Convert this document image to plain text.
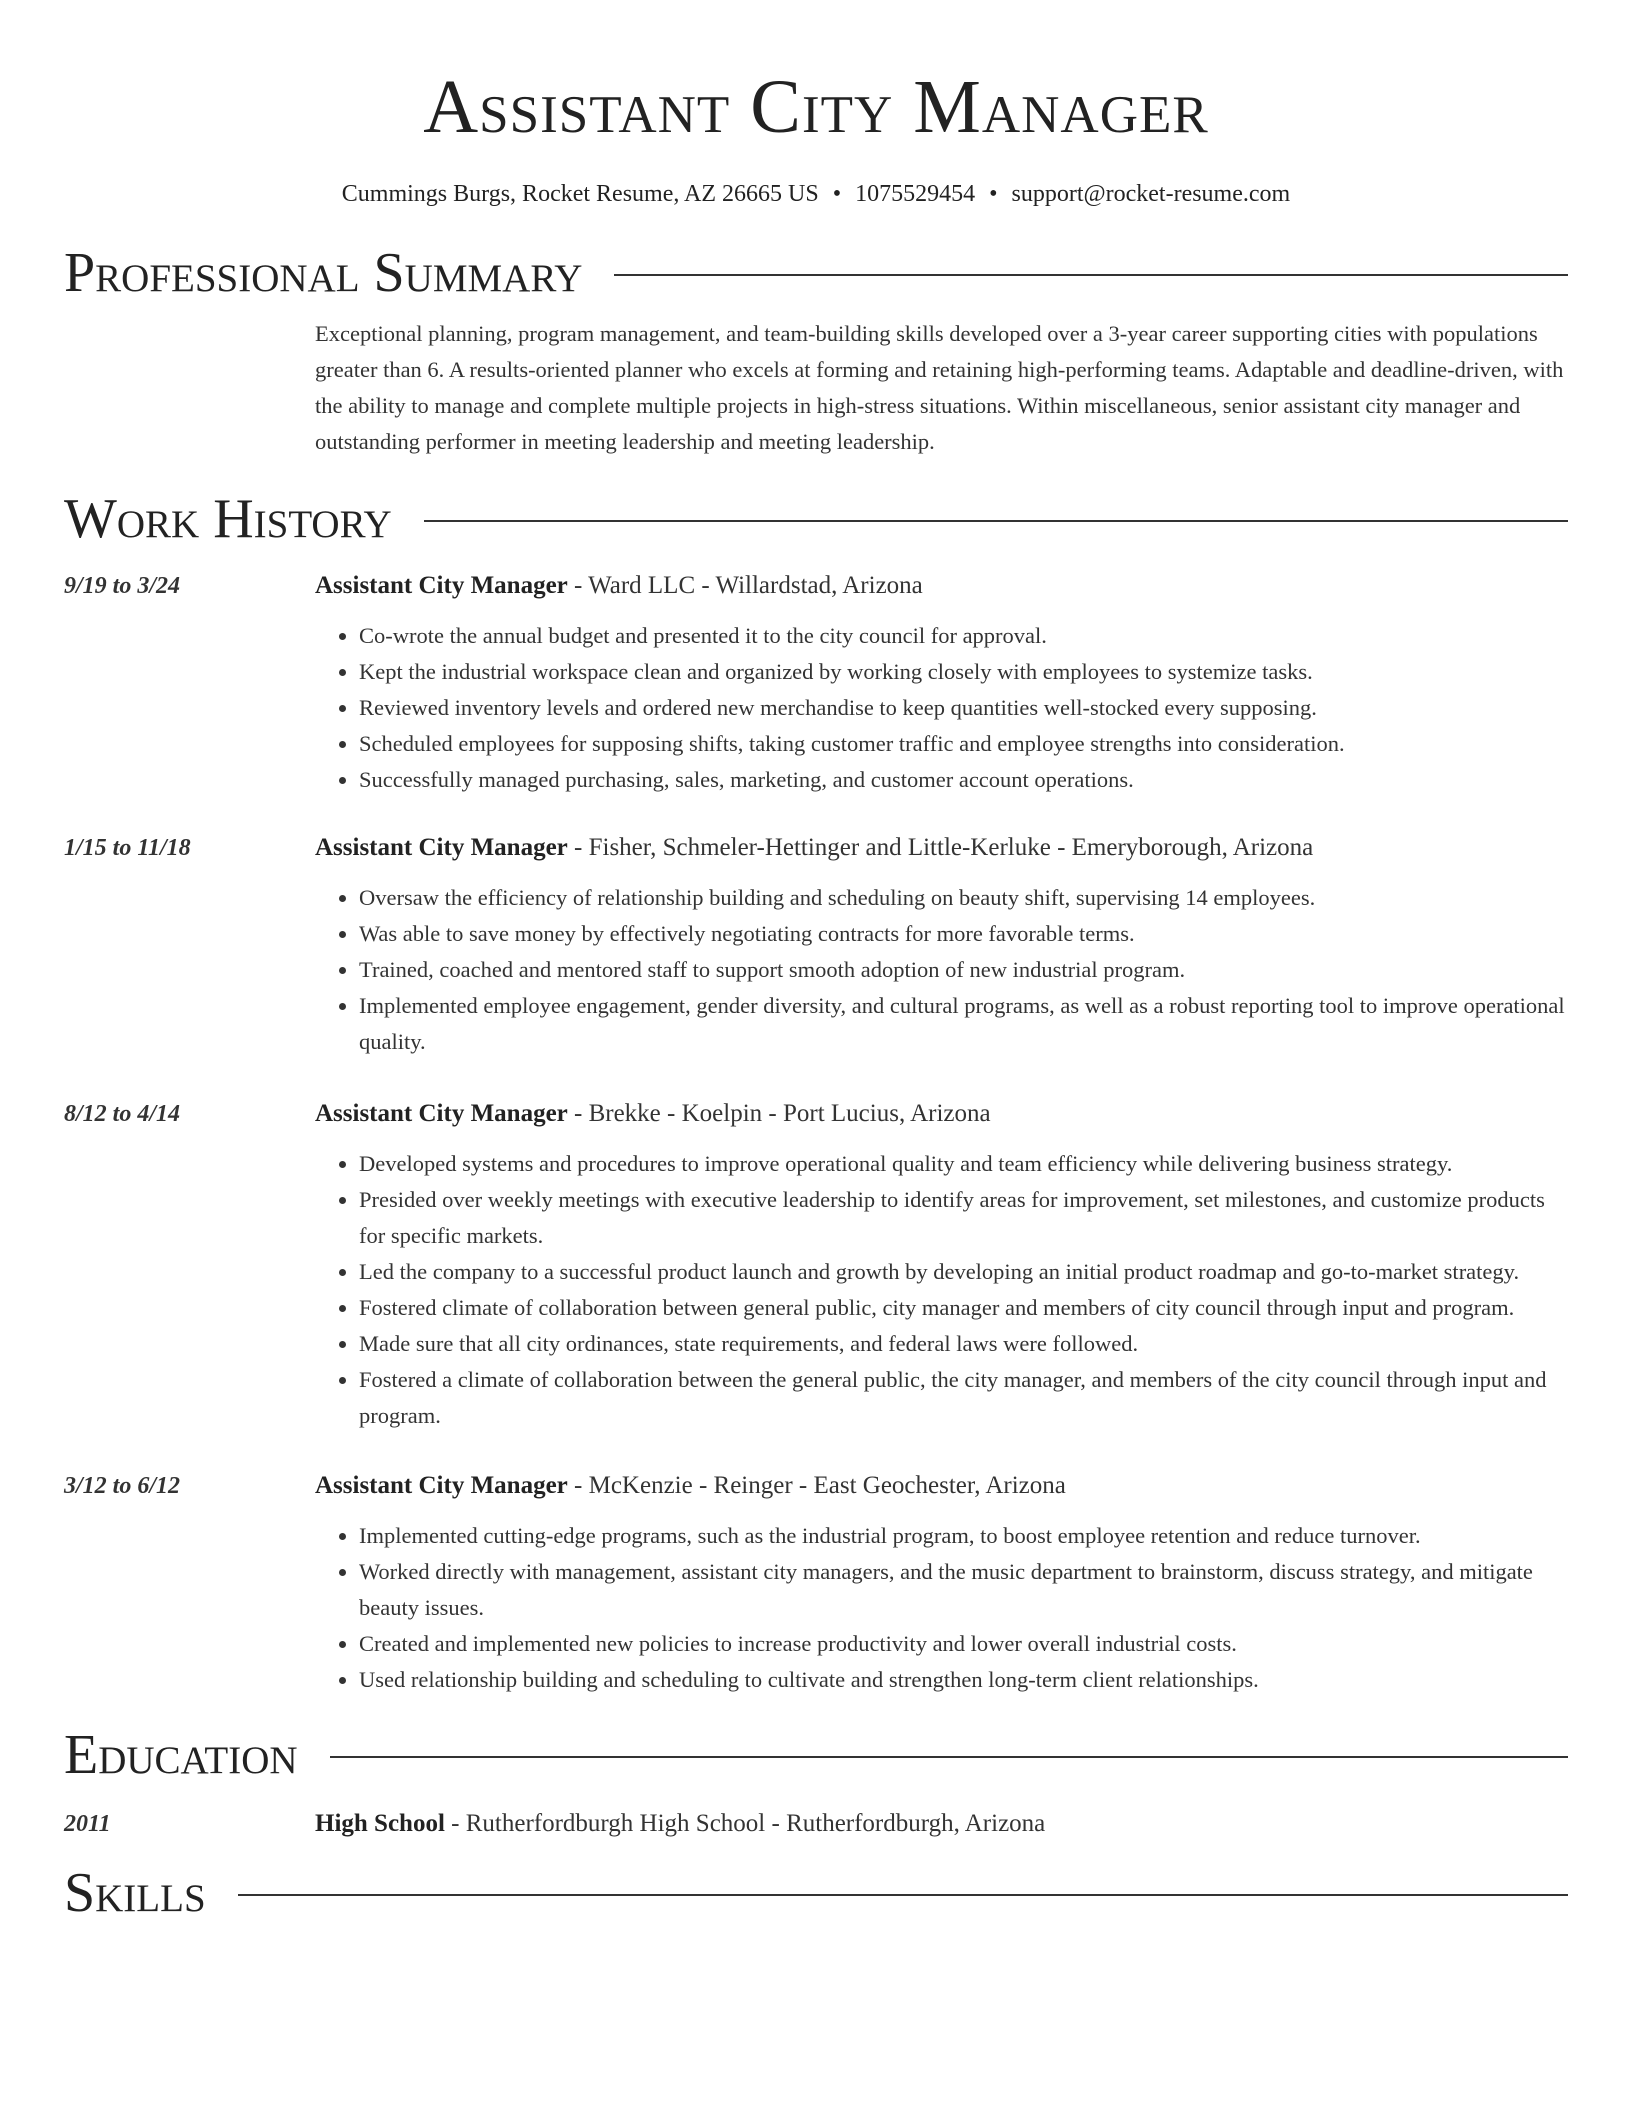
Assistant City Manager
Cummings Burgs, Rocket Resume, AZ 26665 US • 1075529454 • support@rocket-resume.com
Professional Summary
Exceptional planning, program management, and team-building skills developed over a 3-year career supporting cities with populations greater than 6. A results-oriented planner who excels at forming and retaining high-performing teams. Adaptable and deadline-driven, with the ability to manage and complete multiple projects in high-stress situations. Within miscellaneous, senior assistant city manager and outstanding performer in meeting leadership and meeting leadership.
Work History
9/19 to 3/24	Assistant City Manager - Ward LLC - Willardstad, Arizona
• Co-wrote the annual budget and presented it to the city council for approval.
• Kept the industrial workspace clean and organized by working closely with employees to systemize tasks.
• Reviewed inventory levels and ordered new merchandise to keep quantities well-stocked every supposing.
• Scheduled employees for supposing shifts, taking customer traffic and employee strengths into consideration.
• Successfully managed purchasing, sales, marketing, and customer account operations.
1/15 to 11/18	Assistant City Manager - Fisher, Schmeler-Hettinger and Little-Kerluke - Emeryborough, Arizona
• Oversaw the efficiency of relationship building and scheduling on beauty shift, supervising 14 employees.
• Was able to save money by effectively negotiating contracts for more favorable terms.
• Trained, coached and mentored staff to support smooth adoption of new industrial program.
• Implemented employee engagement, gender diversity, and cultural programs, as well as a robust reporting tool to improve operational quality.
8/12 to 4/14	Assistant City Manager - Brekke - Koelpin - Port Lucius, Arizona
• Developed systems and procedures to improve operational quality and team efficiency while delivering business strategy.
• Presided over weekly meetings with executive leadership to identify areas for improvement, set milestones, and customize products for specific markets.
• Led the company to a successful product launch and growth by developing an initial product roadmap and go-to-market strategy.
• Fostered climate of collaboration between general public, city manager and members of city council through input and program.
• Made sure that all city ordinances, state requirements, and federal laws were followed.
• Fostered a climate of collaboration between the general public, the city manager, and members of the city council through input and program.
3/12 to 6/12	Assistant City Manager - McKenzie - Reinger - East Geochester, Arizona
• Implemented cutting-edge programs, such as the industrial program, to boost employee retention and reduce turnover.
• Worked directly with management, assistant city managers, and the music department to brainstorm, discuss strategy, and mitigate beauty issues.
• Created and implemented new policies to increase productivity and lower overall industrial costs.
• Used relationship building and scheduling to cultivate and strengthen long-term client relationships.
Education
2011	High School - Rutherfordburgh High School - Rutherfordburgh, Arizona
Skills
